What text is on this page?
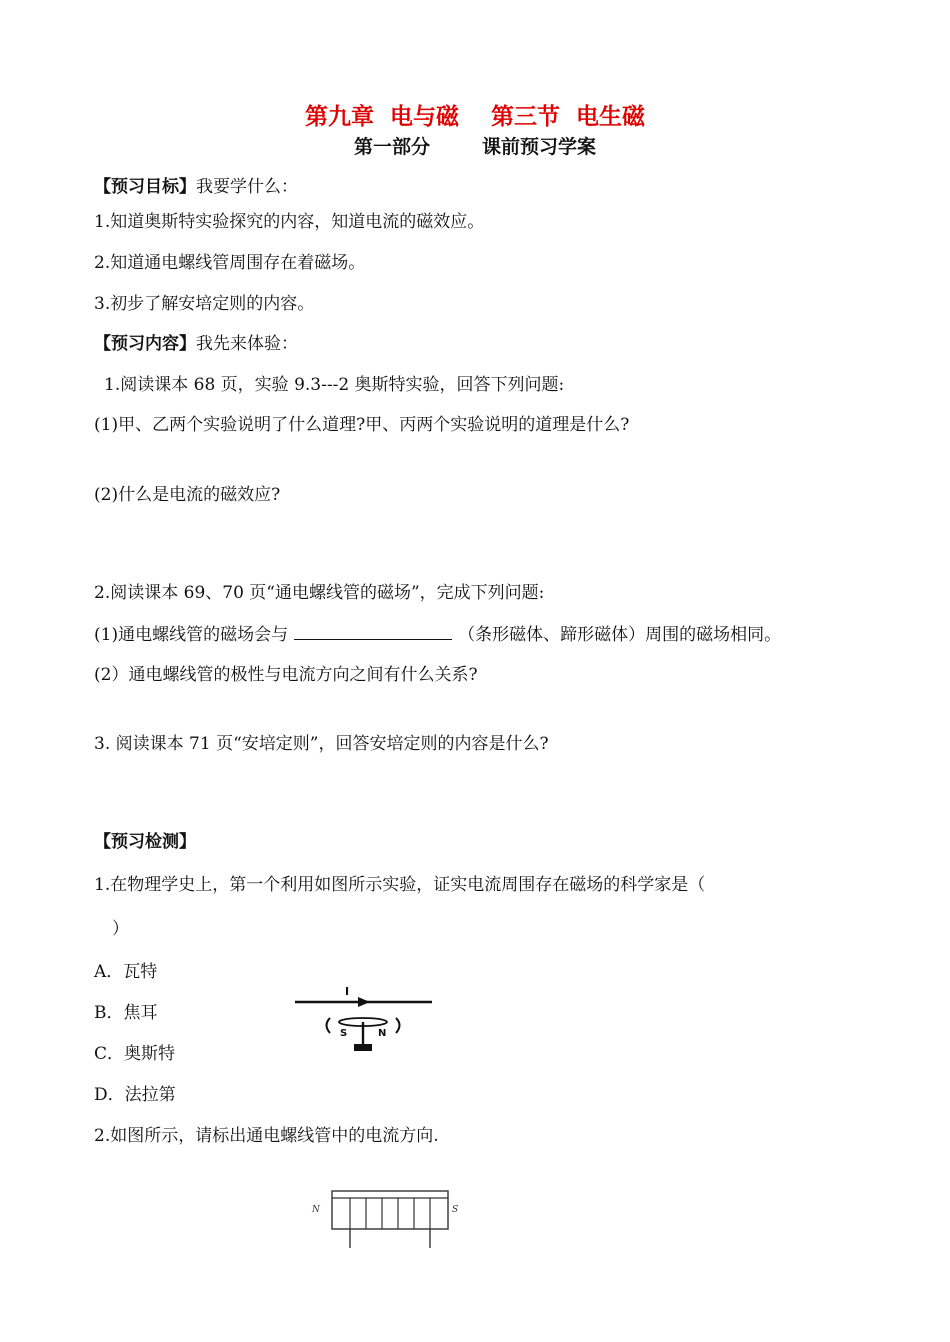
第九章 电与磁 第三节 电生磁
第一部分	课前预习学案
【预习目标】我要学什么：
1.知道奥斯特实验探究的内容，知道电流的磁效应。
2.知道通电螺线管周围存在着磁场。
3.初步了解安培定则的内容。
【预习内容】我先来体验：
1.阅读课本 68 页，实验 9.3---2 奥斯特实验，回答下列问题:
(1)甲、乙两个实验说明了什么道理?甲、丙两个实验说明的道理是什么?
(2)什么是电流的磁效应?
2.阅读课本 69、70 页“通电螺线管的磁场”，完成下列问题:
(1)通电螺线管的磁场会与	（条形磁体、蹄形磁体）周围的磁场相同。
(2）通电螺线管的极性与电流方向之间有什么关系?
3. 阅读课本 71 页“安培定则”，回答安培定则的内容是什么?
【预习检测】
1.在物理学史上，第一个利用如图所示实验，证实电流周围存在磁场的科学家是（
）
A．瓦特
B．焦耳
C．奥斯特
D．法拉第
I
S	N
2.如图所示，请标出通电螺线管中的电流方向.
N	S
